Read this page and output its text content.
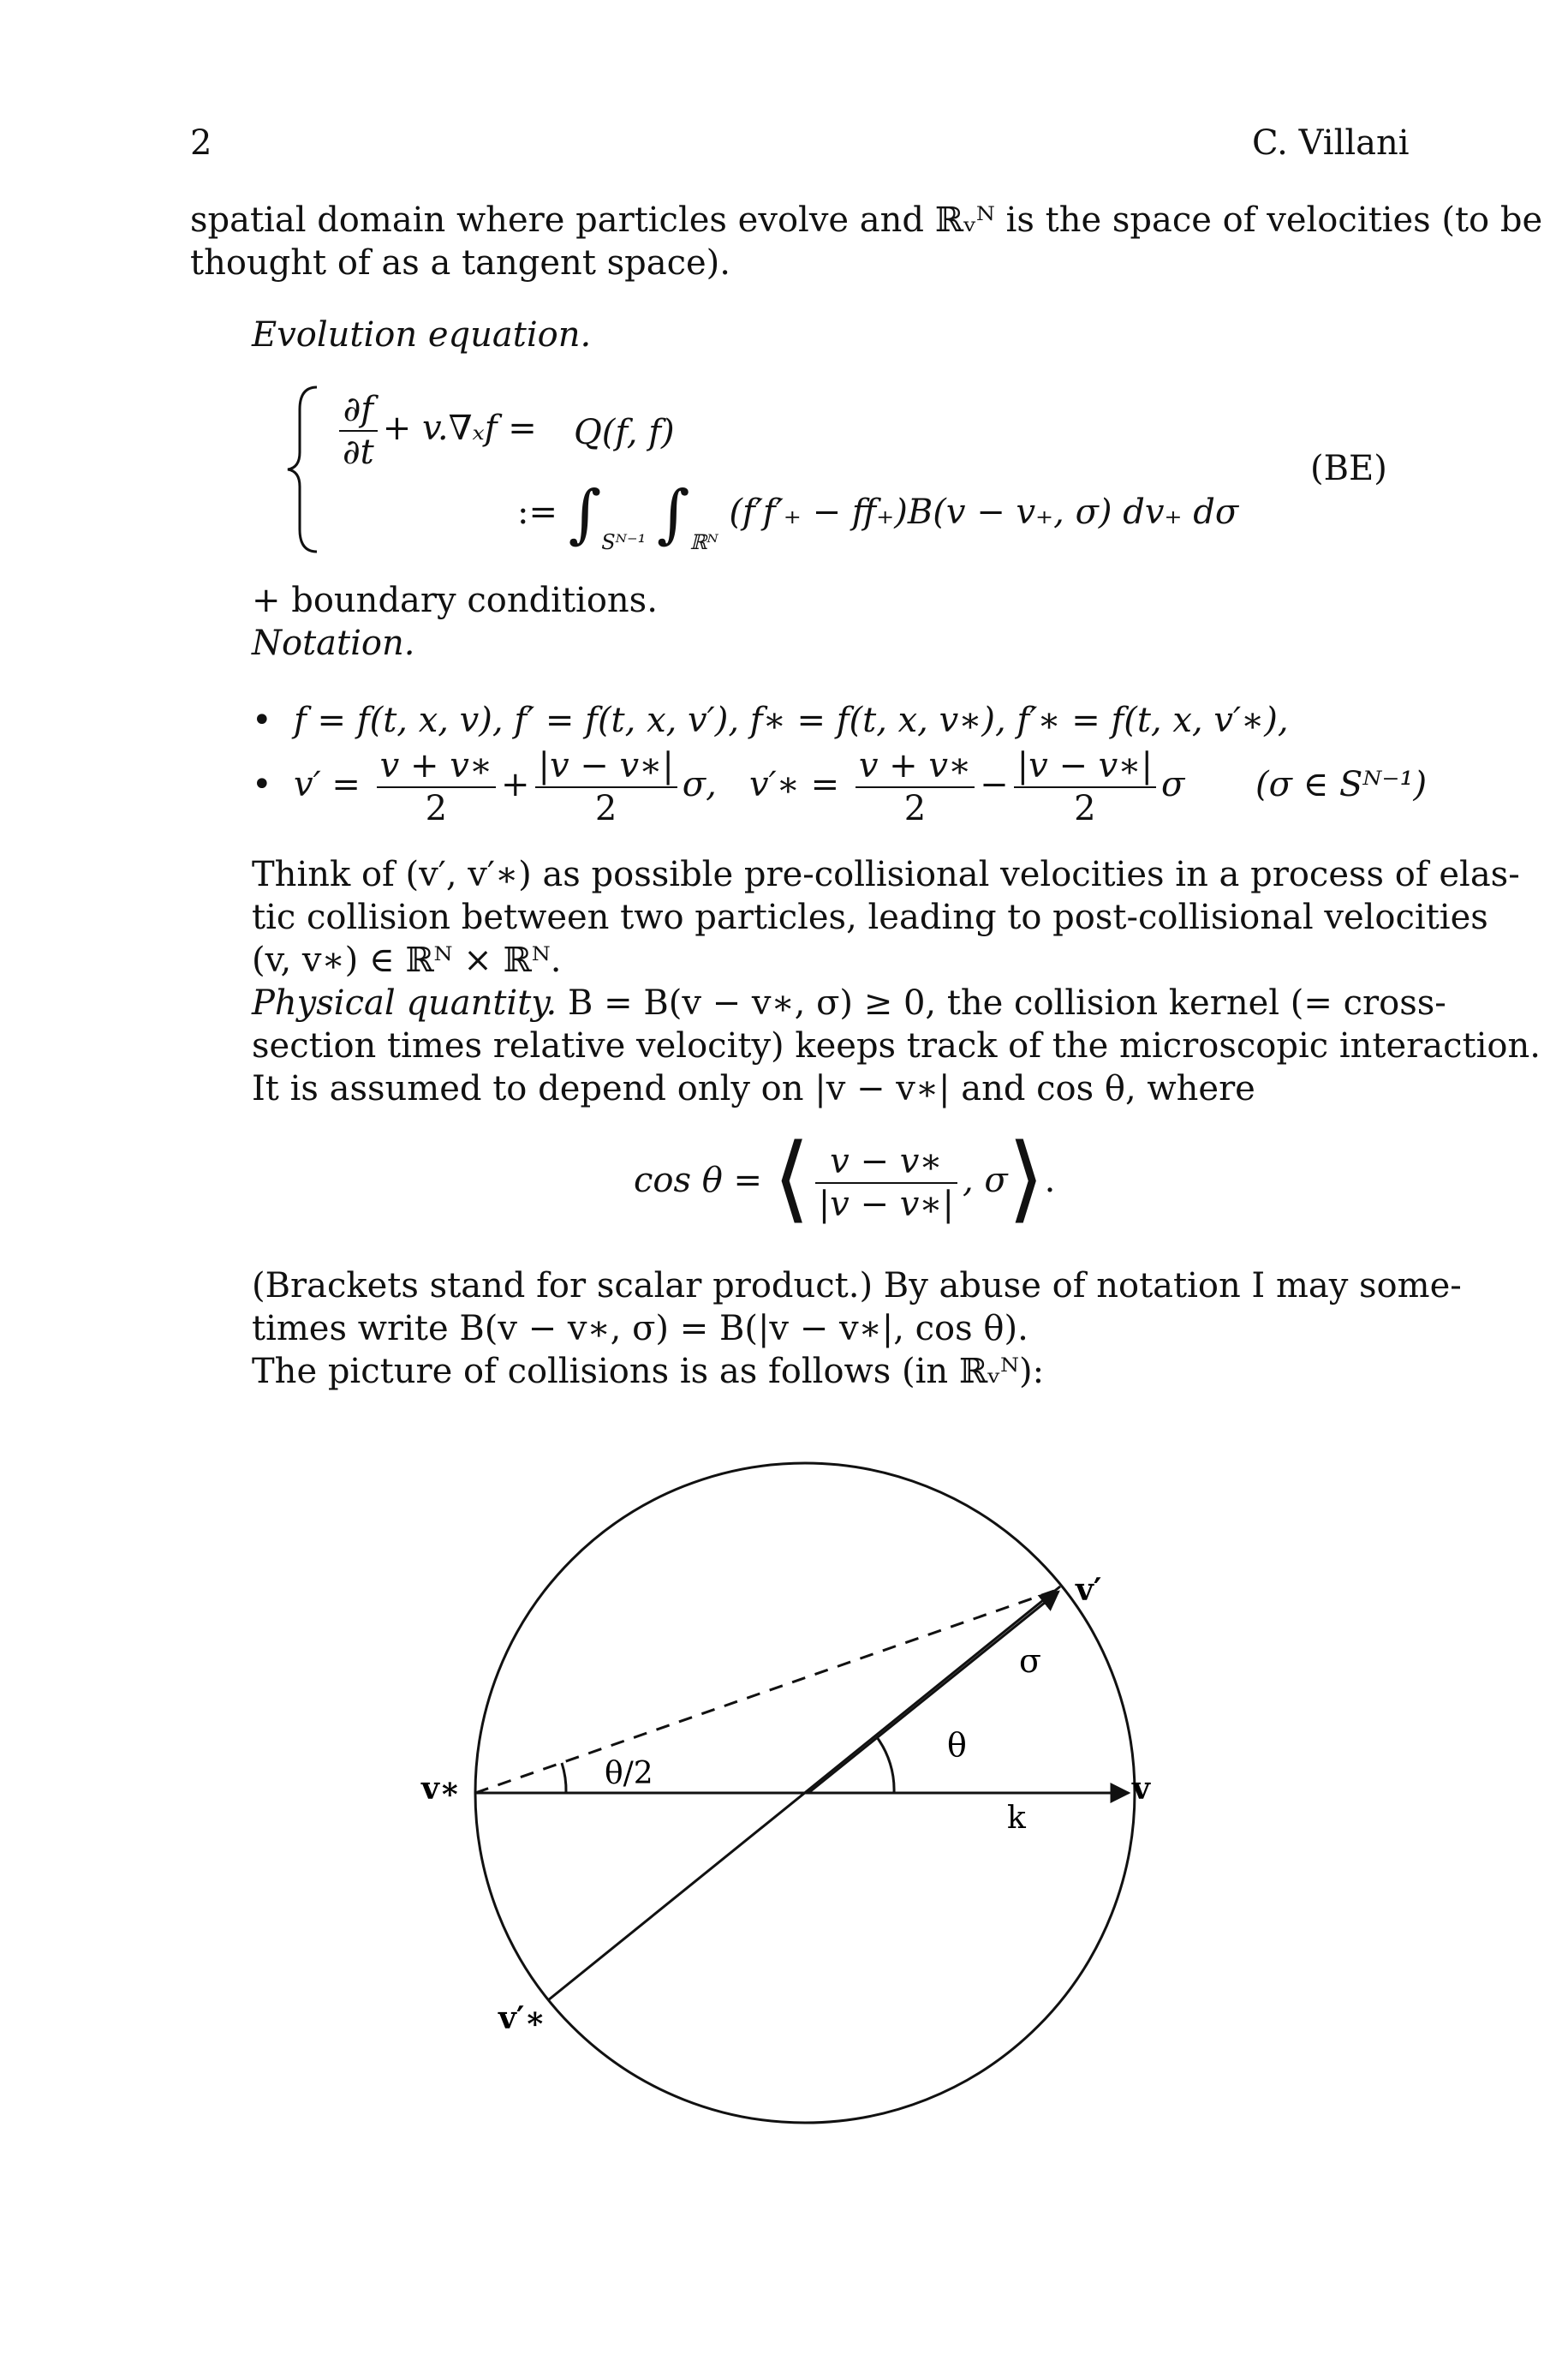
2	C. Villani
spatial domain where particles evolve and ℝᵥᴺ is the space of velocities (to be
thought of as a tangent space).
Evolution equation.
$\frac{\partial f}{\partial t} + v.\nabla_xf = Q(f$, f)
:= $\int_{Sᴺ^{-1}}$ $\int_{ℝᴺ}$ (f′f′₊ − ff₊)B(v − v₊, σ) dv₊ dσ
(BE)
+ boundary conditions.
Notation.
•  f = f(t, x, v), f′ = f(t, x, v′), f∗ = f(t, x, v∗), f′∗ = f(t, x, v′∗),
•  $v' = \frac{v + v∗}{2} + \frac{|v - v∗|}{2} \sigma$, v′∗ = $\frac{v + v∗}{2} - \frac{|v - v∗|}{2}$ σ (σ ∈ Sᴺ⁻¹)
Think of (v′, v′∗) as possible pre-collisional velocities in a process of elas-
tic collision between two particles, leading to post-collisional velocities
(v, v∗) ∈ ℝᴺ × ℝᴺ.
Physical quantity. B = B(v − v∗, σ) ≥ 0, the collision kernel (= cross-
section times relative velocity) keeps track of the microscopic interaction.
It is assumed to depend only on |v − v∗| and cos θ, where
cos θ = ⟨ $\frac{v - v∗}{|v - v∗|}$ , σ⟩.
(Brackets stand for scalar product.) By abuse of notation I may some-
times write B(v − v∗, σ) = B(|v − v∗|, cos θ).
The picture of collisions is as follows (in ℝᵥᴺ):
v′
σ
θ
θ/2
v∗	v
k
v′∗
